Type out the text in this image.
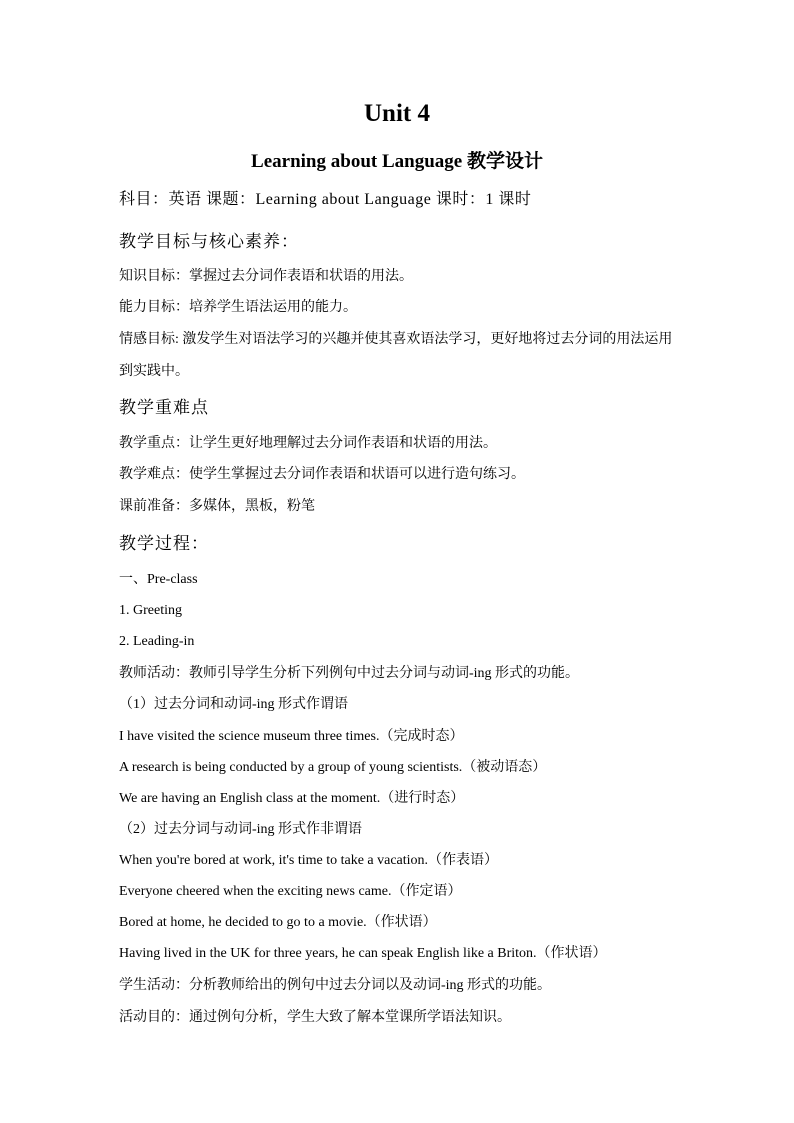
Unit 4
Learning about Language 教学设计
科目：英语 课题：Learning about Language 课时：1 课时
教学目标与核心素养：
知识目标：掌握过去分词作表语和状语的用法。
能力目标：培养学生语法运用的能力。
情感目标: 激发学生对语法学习的兴趣并使其喜欢语法学习，更好地将过去分词的用法运用
到实践中。
教学重难点
教学重点：让学生更好地理解过去分词作表语和状语的用法。
教学难点：使学生掌握过去分词作表语和状语可以进行造句练习。
课前准备：多媒体，黑板，粉笔
教学过程：
一、Pre-class
1. Greeting
2. Leading-in
教师活动：教师引导学生分析下列例句中过去分词与动词-ing 形式的功能。
（1）过去分词和动词-ing 形式作谓语
I have visited the science museum three times.（完成时态）
A research is being conducted by a group of young scientists.（被动语态）
We are having an English class at the moment.（进行时态）
（2）过去分词与动词-ing 形式作非谓语
When you're bored at work, it's time to take a vacation.（作表语）
Everyone cheered when the exciting news came.（作定语）
Bored at home, he decided to go to a movie.（作状语）
Having lived in the UK for three years, he can speak English like a Briton.（作状语）
学生活动：分析教师给出的例句中过去分词以及动词-ing 形式的功能。
活动目的：通过例句分析，学生大致了解本堂课所学语法知识。
